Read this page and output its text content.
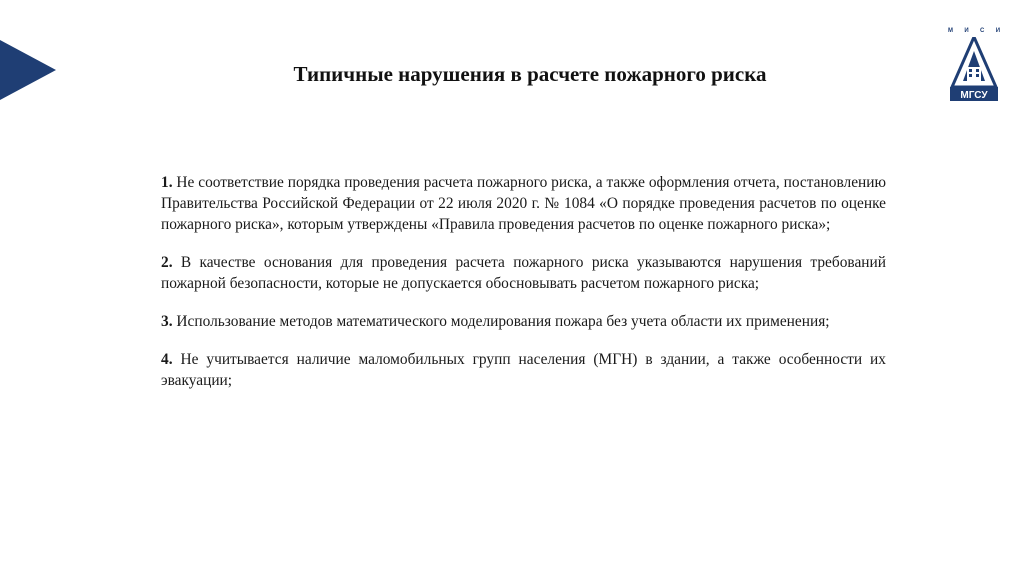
Типичные нарушения в расчете пожарного риска
М И С И
МГСУ

1. Не соответствие порядка проведения расчета пожарного риска, а также оформления отчета, постановлению Правительства Российской Федерации от 22 июля 2020 г. № 1084 «О порядке проведения расчетов по оценке пожарного риска», которым утверждены «Правила проведения расчетов по оценке пожарного риска»;

2. В качестве основания для проведения расчета пожарного риска указываются нарушения требований пожарной безопасности, которые не допускается обосновывать расчетом пожарного риска;

3. Использование методов математического моделирования пожара без учета области их применения;

4. Не учитывается наличие маломобильных групп населения (МГН) в здании, а также особенности их эвакуации;
